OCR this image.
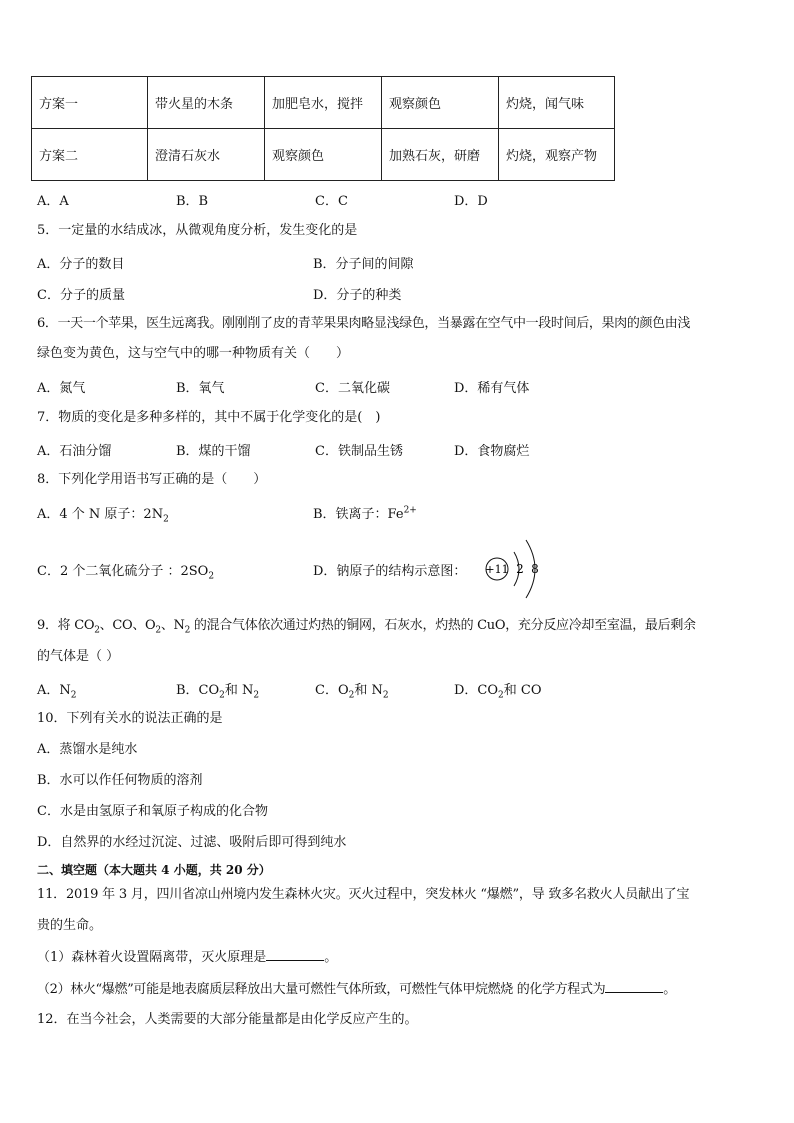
方案一	带火星的木条	加肥皂水，搅拌	观察颜色	灼烧，闻气味
方案二	澄清石灰水	观察颜色	加熟石灰，研磨	灼烧，观察产物
A．A	B．B	C．C	D．D
5．一定量的水结成冰，从微观角度分析，发生变化的是
A．分子的数目	B．分子间的间隙
C．分子的质量	D．分子的种类
6．一天一个苹果，医生远离我。刚刚削了皮的青苹果果肉略显浅绿色，当暴露在空气中一段时间后，果肉的颜色由浅
绿色变为黄色，这与空气中的哪一种物质有关（　　）
A．氮气	B．氧气	C．二氧化碳	D．稀有气体
7．物质的变化是多种多样的，其中不属于化学变化的是(　)
A．石油分馏	B．煤的干馏	C．铁制品生锈	D．食物腐烂
8．下列化学用语书写正确的是（　　）
A．4 个 N 原子：$2N_2$	B．铁离子：$Fe^{2+}$
C．2 个二氧化硫分子 ：$2SO_2$	D．钠原子的结构示意图：	+11 2 8
9．将 $CO_2$、CO、$O_2$、$N_2$ 的混合气体依次通过灼热的铜网，石灰水，灼热的 CuO，充分反应冷却至室温，最后剩余
的气体是（ ）
A．$N_2$	B．$CO_2$和 $N_2$	C．$O_2$和 $N_2$	D．$CO_2$和 CO
10．下列有关水的说法正确的是
A．蒸馏水是纯水
B．水可以作任何物质的溶剂
C．水是由氢原子和氧原子构成的化合物
D．自然界的水经过沉淀、过滤、吸附后即可得到纯水
二、填空题（本大题共 4 小题，共 20 分）
11．2019 年 3 月，四川省凉山州境内发生森林火灾。灭火过程中，突发林火 “爆燃”，导 致多名救火人员献出了宝
贵的生命。
（1）森林着火设置隔离带，灭火原理是	。
（2）林火“爆燃”可能是地表腐质层释放出大量可燃性气体所致，可燃性气体甲烷燃烧 的化学方程式为	。
12．在当今社会，人类需要的大部分能量都是由化学反应产生的。
